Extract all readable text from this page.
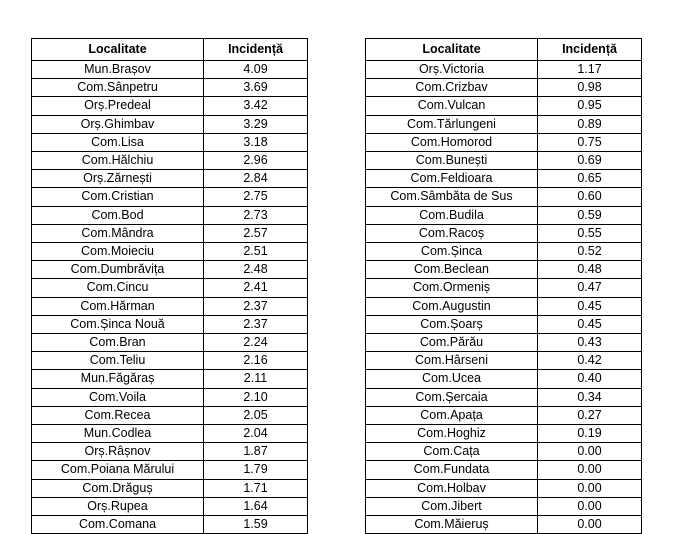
Localitate	Incidență
Mun.Brașov	4.09
Com.Sânpetru	3.69
Orș.Predeal	3.42
Orș.Ghimbav	3.29
Com.Lisa	3.18
Com.Hălchiu	2.96
Orș.Zărnești	2.84
Com.Cristian	2.75
Com.Bod	2.73
Com.Mândra	2.57
Com.Moieciu	2.51
Com.Dumbrăvița	2.48
Com.Cincu	2.41
Com.Hărman	2.37
Com.Șinca Nouă	2.37
Com.Bran	2.24
Com.Teliu	2.16
Mun.Făgăraș	2.11
Com.Voila	2.10
Com.Recea	2.05
Mun.Codlea	2.04
Orș.Râșnov	1.87
Com.Poiana Mărului	1.79
Com.Drăguș	1.71
Orș.Rupea	1.64
Com.Comana	1.59
Localitate	Incidență
Orș.Victoria	1.17
Com.Crizbav	0.98
Com.Vulcan	0.95
Com.Tărlungeni	0.89
Com.Homorod	0.75
Com.Bunești	0.69
Com.Feldioara	0.65
Com.Sâmbăta de Sus	0.60
Com.Budila	0.59
Com.Racoș	0.55
Com.Șinca	0.52
Com.Beclean	0.48
Com.Ormeniș	0.47
Com.Augustin	0.45
Com.Șoarș	0.45
Com.Părău	0.43
Com.Hârseni	0.42
Com.Ucea	0.40
Com.Șercaia	0.34
Com.Apața	0.27
Com.Hoghiz	0.19
Com.Cața	0.00
Com.Fundata	0.00
Com.Holbav	0.00
Com.Jibert	0.00
Com.Măieruș	0.00
